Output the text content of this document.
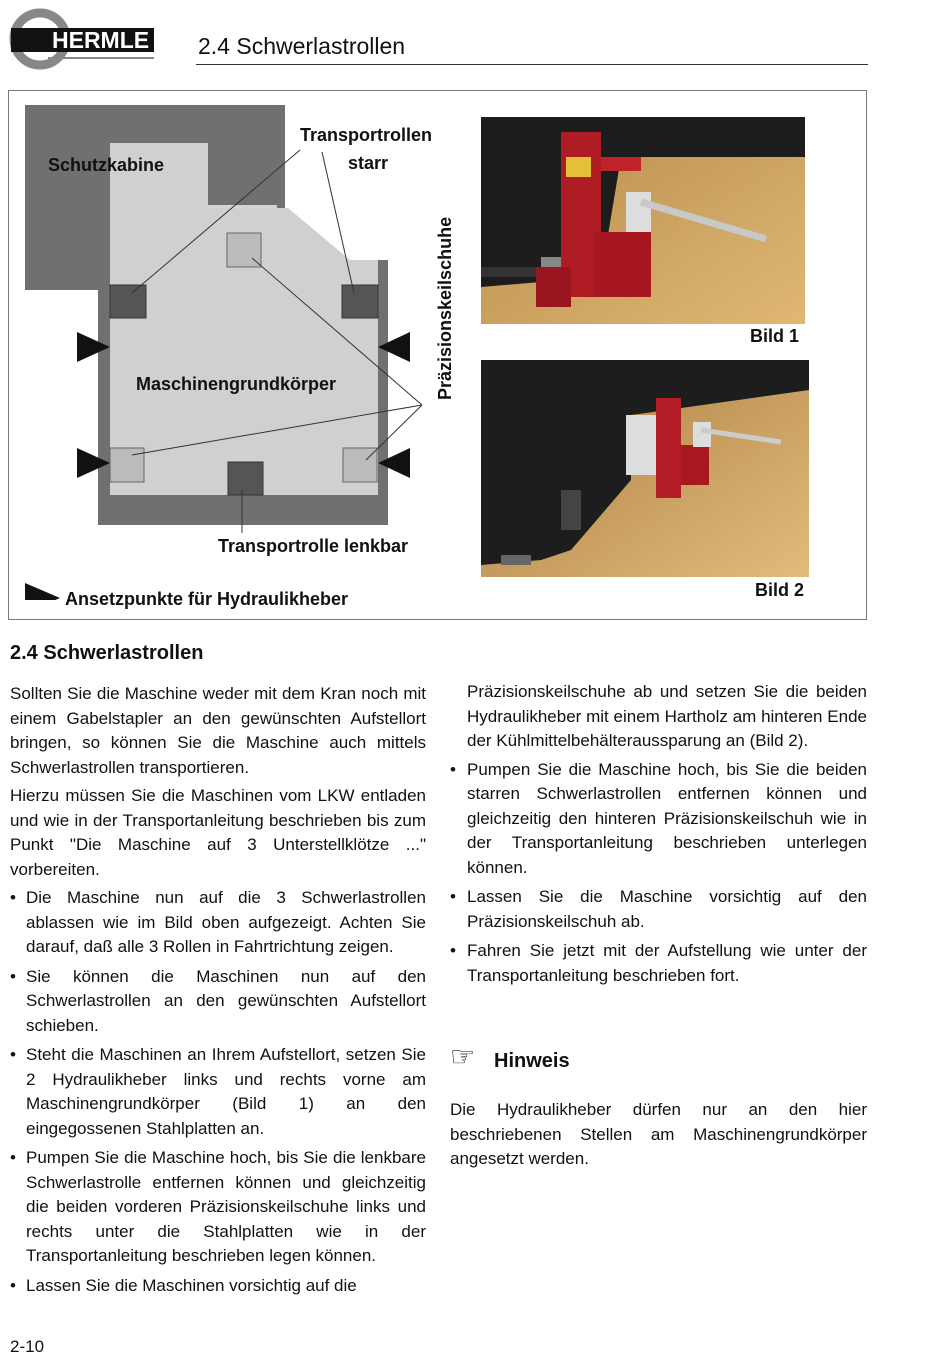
HERMLE 2.4 Schwerlastrollen
Schutzkabine
Transportrollen
starr
Maschinengrundkörper
Transportrolle lenkbar
Ansetzpunkte für Hydraulikheber
Präzisionskeilschuhe	Bild 1
Bild 2
2.4 Schwerlastrollen

Sollten Sie die Maschine weder mit dem Kran noch mit einem Gabelstapler an den gewünschten Aufstellort bringen, so können Sie die Maschine auch mittels Schwerlastrollen transportieren.

Hierzu müssen Sie die Maschinen vom LKW entladen und wie in der Transportanleitung beschrieben bis zum Punkt "Die Maschine auf 3 Unterstellklötze ..." vorbereiten.

• Die Maschine nun auf die 3 Schwerlastrollen ablassen wie im Bild oben aufgezeigt. Achten Sie darauf, daß alle 3 Rollen in Fahrtrichtung zeigen.
• Sie können die Maschinen nun auf den Schwerlastrollen an den gewünschten Aufstellort schieben.
• Steht die Maschinen an Ihrem Aufstellort, setzen Sie 2 Hydraulikheber links und rechts vorne am Maschinengrundkörper (Bild 1) an den eingegossenen Stahlplatten an.
• Pumpen Sie die Maschine hoch, bis Sie die lenkbare Schwerlastrolle entfernen können und gleichzeitig die beiden vorderen Präzisionskeilschuhe links und rechts unter die Stahlplatten wie in der Transportanleitung beschrieben legen können.
• Lassen Sie die Maschinen vorsichtig auf die

Präzisionskeilschuhe ab und setzen Sie die beiden Hydraulikheber mit einem Hartholz am hinteren Ende der Kühlmittelbehälteraussparung an (Bild 2).

• Pumpen Sie die Maschine hoch, bis Sie die beiden starren Schwerlastrollen entfernen können und gleichzeitig den hinteren Präzisionskeilschuh wie in der Transportanleitung beschrieben unterlegen können.
• Lassen Sie die Maschine vorsichtig auf den Präzisionskeilschuh ab.
• Fahren Sie jetzt mit der Aufstellung wie unter der Transportanleitung beschrieben fort.
☞ Hinweis
Die Hydraulikheber dürfen nur an den hier beschriebenen Stellen am Maschinengrundkörper angesetzt werden.
2-10
